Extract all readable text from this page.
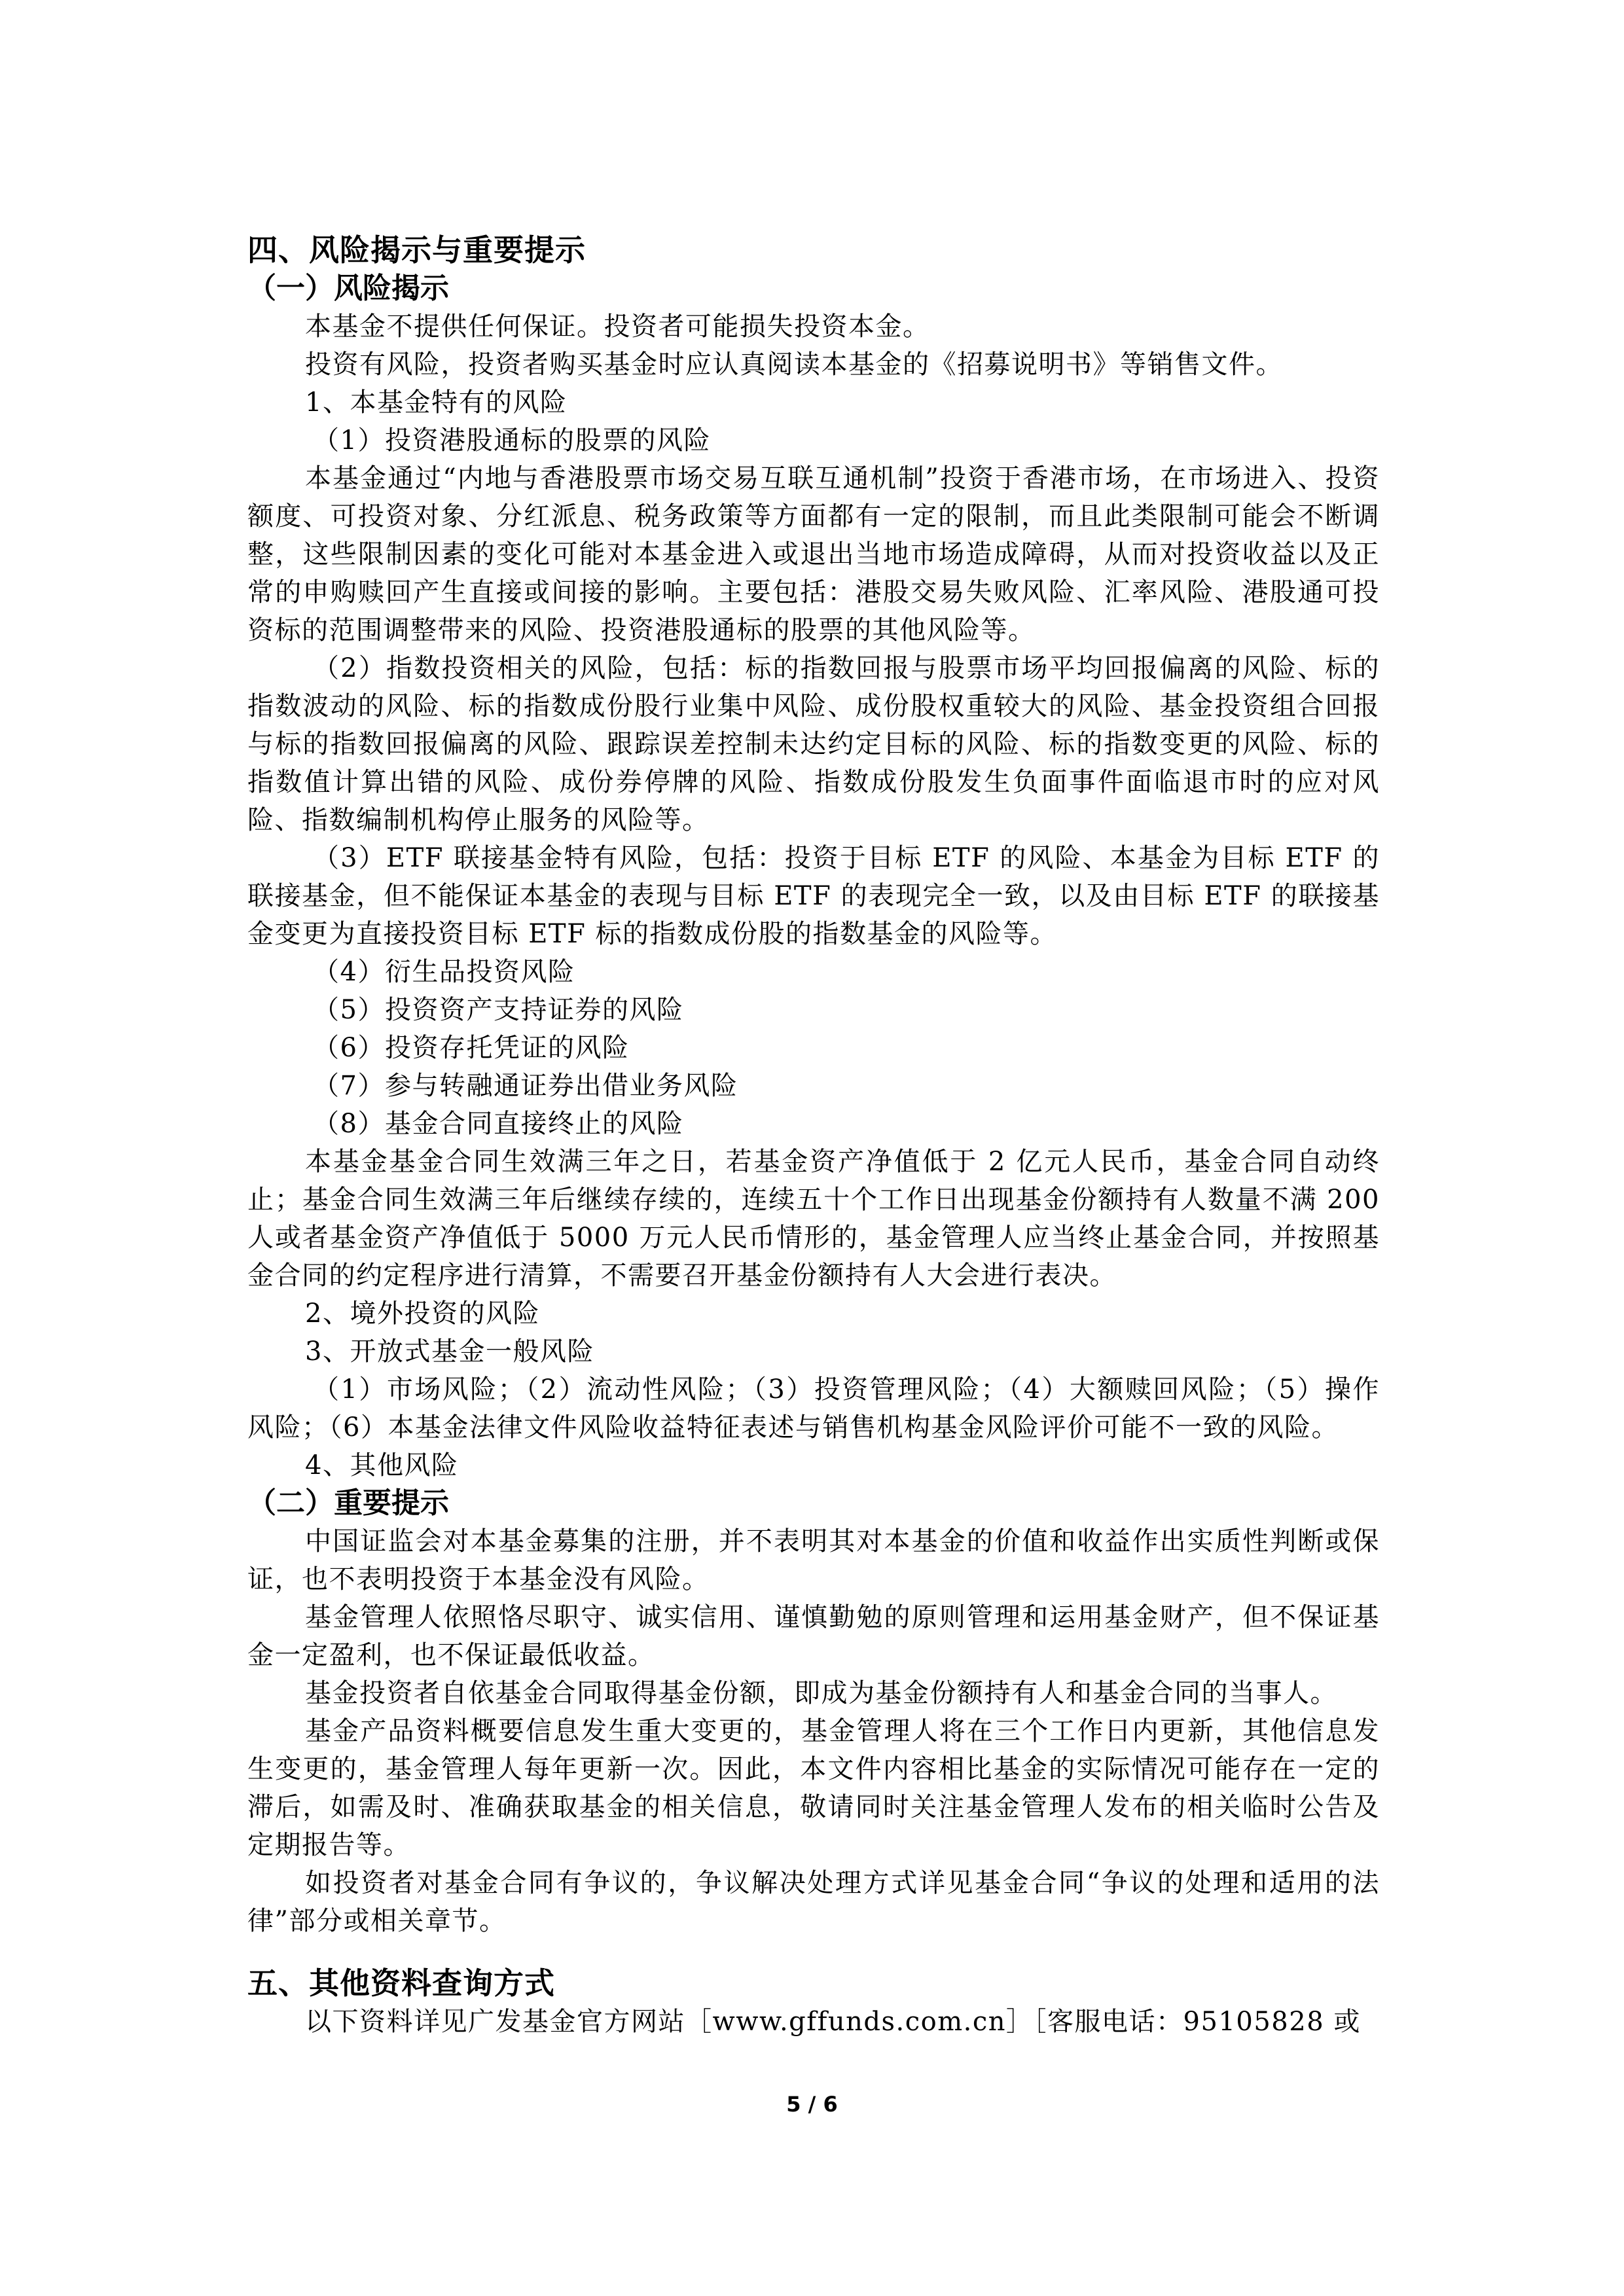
四、风险揭示与重要提示
（一）风险揭示

本基金不提供任何保证。投资者可能损失投资本金。

投资有风险，投资者购买基金时应认真阅读本基金的《招募说明书》等销售文件。

1、本基金特有的风险

（1）投资港股通标的股票的风险

本基金通过“内地与香港股票市场交易互联互通机制”投资于香港市场，在市场进入、投资额度、可投资对象、分红派息、税务政策等方面都有一定的限制，而且此类限制可能会不断调整，这些限制因素的变化可能对本基金进入或退出当地市场造成障碍，从而对投资收益以及正常的申购赎回产生直接或间接的影响。主要包括：港股交易失败风险、汇率风险、港股通可投资标的范围调整带来的风险、投资港股通标的股票的其他风险等。

（2）指数投资相关的风险，包括：标的指数回报与股票市场平均回报偏离的风险、标的指数波动的风险、标的指数成份股行业集中风险、成份股权重较大的风险、基金投资组合回报与标的指数回报偏离的风险、跟踪误差控制未达约定目标的风险、标的指数变更的风险、标的指数值计算出错的风险、成份券停牌的风险、指数成份股发生负面事件面临退市时的应对风险、指数编制机构停止服务的风险等。

（3）ETF 联接基金特有风险，包括：投资于目标 ETF 的风险、本基金为目标 ETF 的联接基金，但不能保证本基金的表现与目标 ETF 的表现完全一致，以及由目标 ETF 的联接基金变更为直接投资目标 ETF 标的指数成份股的指数基金的风险等。

（4）衍生品投资风险

（5）投资资产支持证券的风险

（6）投资存托凭证的风险

（7）参与转融通证券出借业务风险

（8）基金合同直接终止的风险

本基金基金合同生效满三年之日，若基金资产净值低于 2 亿元人民币，基金合同自动终止；基金合同生效满三年后继续存续的，连续五十个工作日出现基金份额持有人数量不满 200 人或者基金资产净值低于 5000 万元人民币情形的，基金管理人应当终止基金合同，并按照基金合同的约定程序进行清算，不需要召开基金份额持有人大会进行表决。

2、境外投资的风险

3、开放式基金一般风险

（1）市场风险；（2）流动性风险；（3）投资管理风险；（4）大额赎回风险；（5）操作风险；（6）本基金法律文件风险收益特征表述与销售机构基金风险评价可能不一致的风险。

4、其他风险

（二）重要提示

中国证监会对本基金募集的注册，并不表明其对本基金的价值和收益作出实质性判断或保证，也不表明投资于本基金没有风险。

基金管理人依照恪尽职守、诚实信用、谨慎勤勉的原则管理和运用基金财产，但不保证基金一定盈利，也不保证最低收益。

基金投资者自依基金合同取得基金份额，即成为基金份额持有人和基金合同的当事人。

基金产品资料概要信息发生重大变更的，基金管理人将在三个工作日内更新，其他信息发生变更的，基金管理人每年更新一次。因此，本文件内容相比基金的实际情况可能存在一定的滞后，如需及时、准确获取基金的相关信息，敬请同时关注基金管理人发布的相关临时公告及定期报告等。

如投资者对基金合同有争议的，争议解决处理方式详见基金合同“争议的处理和适用的法律”部分或相关章节。

五、其他资料查询方式

以下资料详见广发基金官方网站［www.gffunds.com.cn］［客服电话：95105828 或

5 / 6
